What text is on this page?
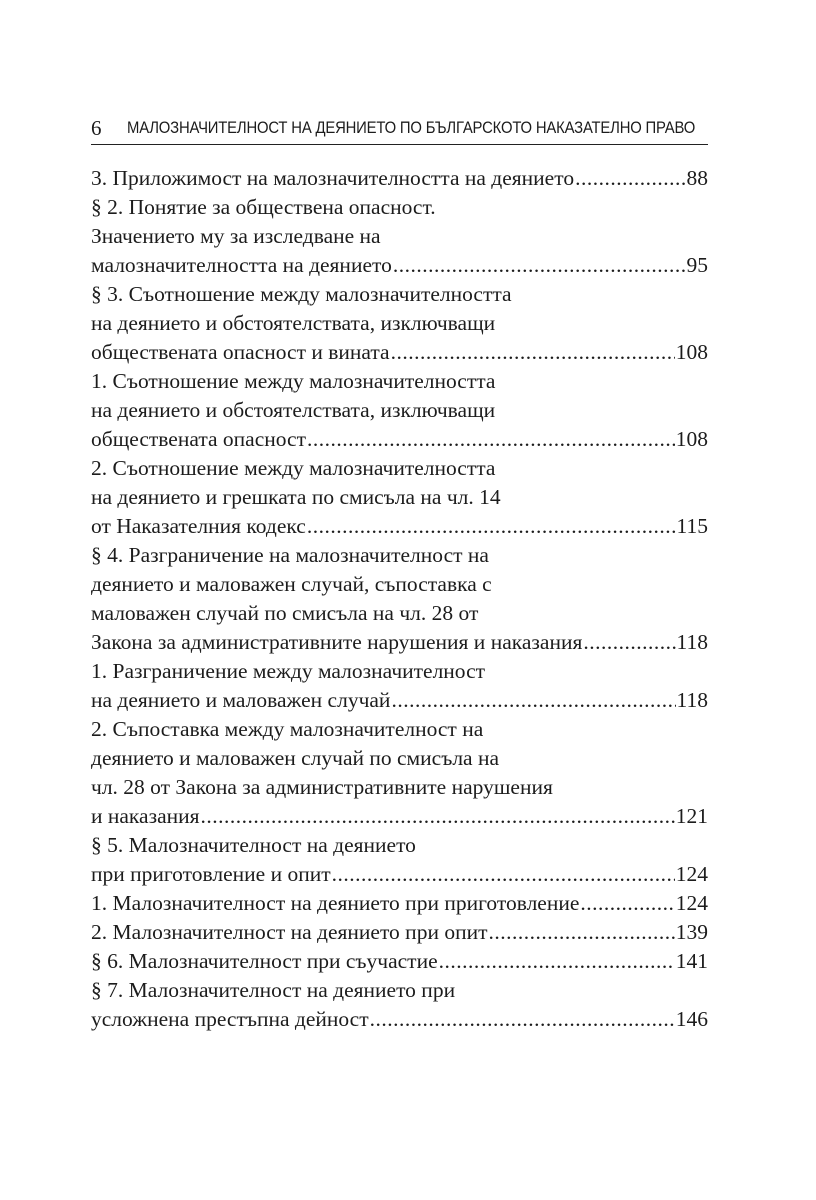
6 МАЛОЗНАЧИТЕЛНОСТ НА ДЕЯНИЕТО ПО БЪЛГАРСКОТО НАКАЗАТЕЛНО ПРАВО
3. Приложимост на малозначителността на деянието .....	88
§ 2. Понятие за обществена опасност.
Значението му за изследване на
малозначителността на деянието .....	95
§ 3. Съотношение между малозначителността
на деянието и обстоятелствата, изключващи
обществената опасност и вината .....	108
1. Съотношение между малозначителността
на деянието и обстоятелствата, изключващи
обществената опасност .....	108
2. Съотношение между малозначителността
на деянието и грешката по смисъла на чл. 14
от Наказателния кодекс .....	115
§ 4. Разграничение на малозначителност на
деянието и маловажен случай, съпоставка с
маловажен случай по смисъла на чл. 28 от
Закона за административните нарушения и наказания .....	118
1. Разграничение между малозначителност
на деянието и маловажен случай .....	118
2. Съпоставка между малозначителност на
деянието и маловажен случай по смисъла на
чл. 28 от Закона за административните нарушения
и наказания .....	121
§ 5. Малозначителност на деянието
при приготовление и опит .....	124
1. Малозначителност на деянието при приготовление .....	124
2. Малозначителност на деянието при опит .....	139
§ 6. Малозначителност при съучастие .....	141
§ 7. Малозначителност на деянието при
усложнена престъпна дейност .....	146
